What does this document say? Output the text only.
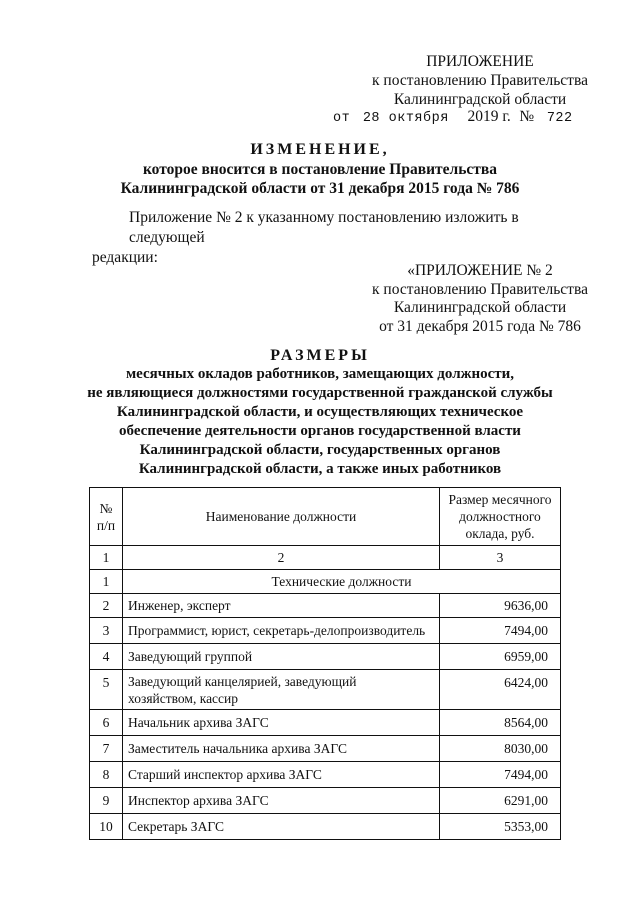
ПРИЛОЖЕНИЕ
к постановлению Правительства
Калининградской области
от 28 октября 2019 г. № 722
ИЗМЕНЕНИЕ,
которое вносится в постановление Правительства
Калининградской области от 31 декабря 2015 года № 786
Приложение № 2 к указанному постановлению изложить в следующей
редакции:
«ПРИЛОЖЕНИЕ № 2
к постановлению Правительства
Калининградской области
от 31 декабря 2015 года № 786
РАЗМЕРЫ
месячных окладов работников, замещающих должности,
не являющиеся должностями государственной гражданской службы
Калининградской области, и осуществляющих техническое
обеспечение деятельности органов государственной власти
Калининградской области, государственных органов
Калининградской области, а также иных работников
№ п/п	Наименование должности	Размер месячного должностного оклада, руб.
1	2	3
1	Технические должности	
2	Инженер, эксперт	9636,00
3	Программист, юрист, секретарь-делопроизводитель	7494,00
4	Заведующий группой	6959,00
5	Заведующий канцелярией, заведующий хозяйством, кассир	6424,00
6	Начальник архива ЗАГС	8564,00
7	Заместитель начальника архива ЗАГС	8030,00
8	Старший инспектор архива ЗАГС	7494,00
9	Инспектор архива ЗАГС	6291,00
10	Секретарь ЗАГС	5353,00
